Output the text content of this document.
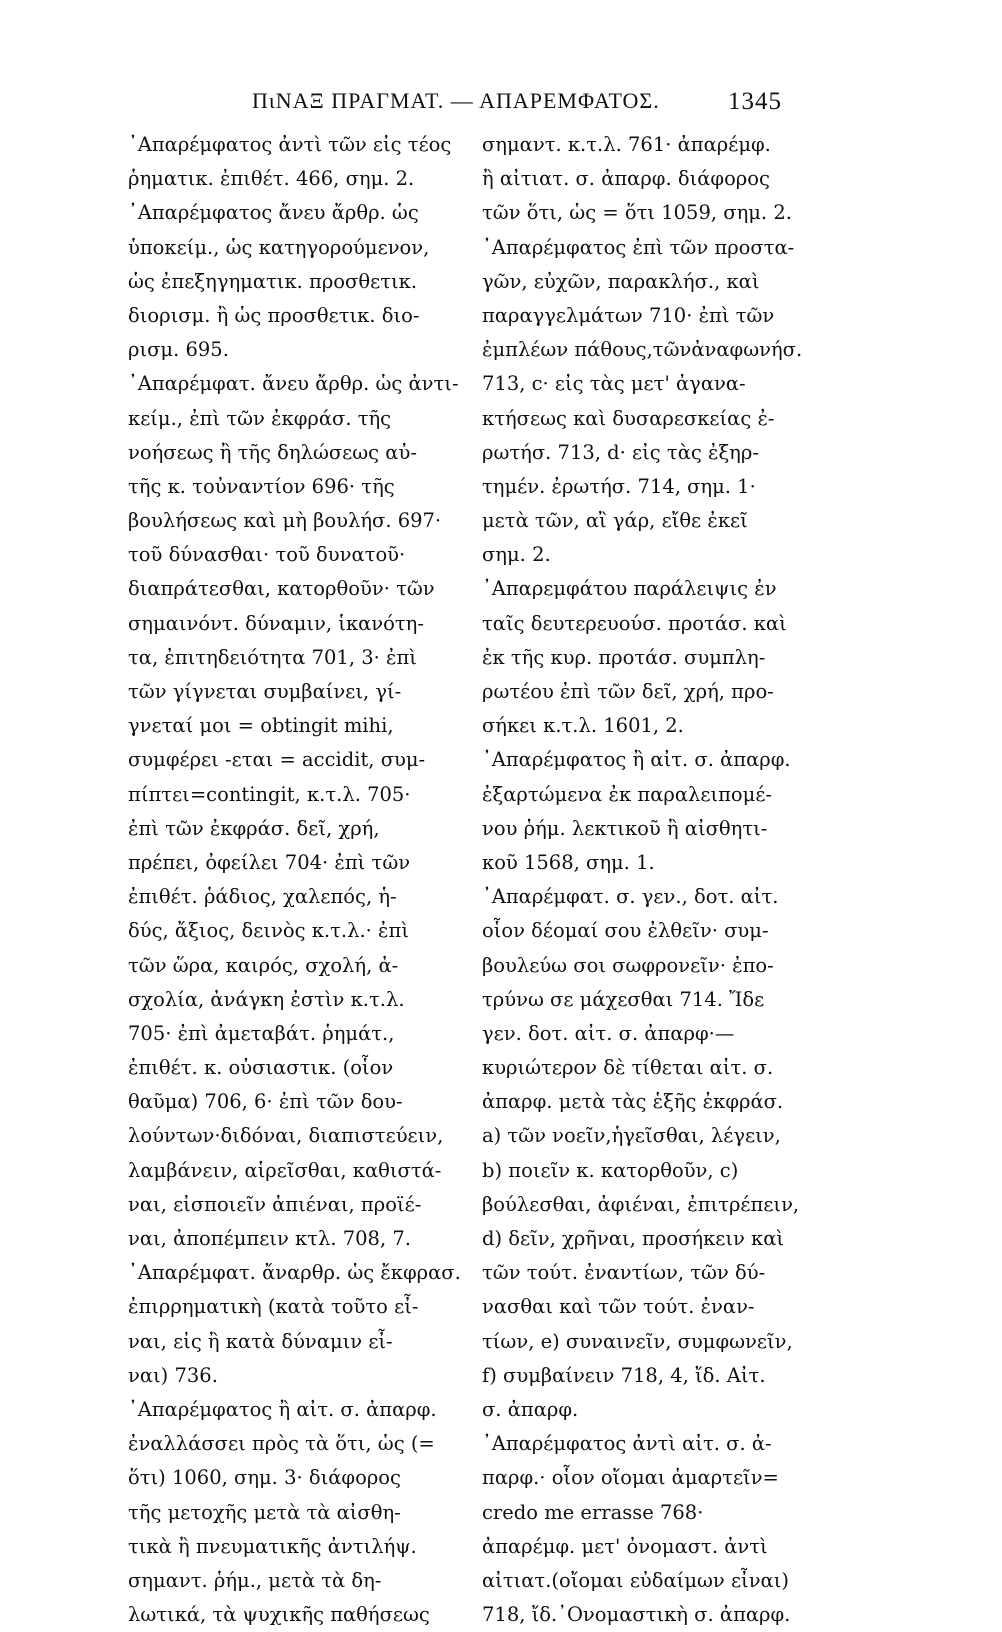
ΠιΝΑΞ ΠΡΑΓΜΑΤ. — ΑΠΑΡΕΜΦΑΤΟΣ.	1345
᾿Απαρέμφατος ἀντὶ τῶν εἰς τέος
ῥηματικ. ἐπιθέτ. 466, σημ. 2.
᾿Απαρέμφατος ἄνευ ἄρθρ. ὡς
ὑποκείμ., ὡς κατηγορούμενον,
ὡς ἐπεξηγηματικ. προσθετικ.
διορισμ. ἢ ὡς προσθετικ. διο-
ρισμ. 695.
᾿Απαρέμφατ. ἄνευ ἄρθρ. ὡς ἀντι-
κείμ., ἐπὶ τῶν ἐκφράσ. τῆς
νοήσεως ἢ τῆς δηλώσεως αὐ-
τῆς κ. τοὐναντίον 696· τῆς
βουλήσεως καὶ μὴ βουλήσ. 697·
τοῦ δύνασθαι· τοῦ δυνατοῦ·
διαπράτεσθαι, κατορθοῦν· τῶν
σημαινόντ. δύναμιν, ἱκανότη-
τα, ἐπιτηδειότητα 701, 3· ἐπὶ
τῶν γίγνεται συμβαίνει, γί-
γνεταί μοι = obtingit mihi,
συμφέρει -εται = accidit, συμ-
πίπτει=contingit, κ.τ.λ. 705·
ἐπὶ τῶν ἐκφράσ. δεῖ, χρή,
πρέπει, ὀφείλει 704· ἐπὶ τῶν
ἐπιθέτ. ῥάδιος, χαλεπός, ἡ-
δύς, ἄξιος, δεινὸς κ.τ.λ.· ἐπὶ
τῶν ὥρα, καιρός, σχολή, ἀ-
σχολία, ἀνάγκη ἐστὶν κ.τ.λ.
705· ἐπὶ ἀμεταβάτ. ῥημάτ.,
ἐπιθέτ. κ. οὐσιαστικ. (οἷον
θαῦμα) 706, 6· ἐπὶ τῶν δου-
λούντων·διδόναι, διαπιστεύειν,
λαμβάνειν, αἱρεῖσθαι, καθιστά-
ναι, εἰσποιεῖν ἀπιέναι, προϊέ-
ναι, ἀποπέμπειν κτλ. 708, 7.
᾿Απαρέμφατ. ἄναρθρ. ὡς ἔκφρασ.
ἐπιρρηματικὴ (κατὰ τοῦτο εἶ-
ναι, εἰς ἢ κατὰ δύναμιν εἶ-
ναι) 736.
᾿Απαρέμφατος ἢ αἰτ. σ. ἀπαρφ.
ἐναλλάσσει πρὸς τὰ ὅτι, ὡς (=
ὅτι) 1060, σημ. 3· διάφορος
τῆς μετοχῆς μετὰ τὰ αἰσθη-
τικὰ ἢ πνευματικῆς ἀντιλήψ.
σημαντ. ῥήμ., μετὰ τὰ δη-
λωτικά, τὰ ψυχικῆς παθήσεως
σημαντ. κ.τ.λ. 761· ἀπαρέμφ.
ἢ αἰτιατ. σ. ἀπαρφ. διάφορος
τῶν ὅτι, ὡς = ὅτι 1059, σημ. 2.
᾿Απαρέμφατος ἐπὶ τῶν προστα-
γῶν, εὐχῶν, παρακλήσ., καὶ
παραγγελμάτων 710· ἐπὶ τῶν
ἐμπλέων πάθους,τῶνἀναφωνήσ.
713, c· εἰς τὰς μετ' ἀγανα-
κτήσεως καὶ δυσαρεσκείας ἐ-
ρωτήσ. 713, d· εἰς τὰς ἐξηρ-
τημέν. ἐρωτήσ. 714, σημ. 1·
μετὰ τῶν, αἲ γάρ, εἴθε ἐκεῖ
σημ. 2.
᾿Απαρεμφάτου παράλειψις ἐν
ταῖς δευτερευούσ. προτάσ. καὶ
ἐκ τῆς κυρ. προτάσ. συμπλη-
ρωτέου ἐπὶ τῶν δεῖ, χρή, προ-
σήκει κ.τ.λ. 1601, 2.
᾿Απαρέμφατος ἢ αἰτ. σ. ἀπαρφ.
ἐξαρτώμενα ἐκ παραλειπομέ-
νου ῥήμ. λεκτικοῦ ἢ αἰσθητι-
κοῦ 1568, σημ. 1.
᾿Απαρέμφατ. σ. γεν., δοτ. αἰτ.
οἷον δέομαί σου ἐλθεῖν· συμ-
βουλεύω σοι σωφρονεῖν· ἐπο-
τρύνω σε μάχεσθαι 714. Ἴδε
γεν. δοτ. αἰτ. σ. ἀπαρφ·—
κυριώτερον δὲ τίθεται αἰτ. σ.
ἀπαρφ. μετὰ τὰς ἑξῆς ἐκφράσ.
a) τῶν νοεῖν,ἡγεῖσθαι, λέγειν,
b) ποιεῖν κ. κατορθοῦν, c)
βούλεσθαι, ἀφιέναι, ἐπιτρέπειν,
d) δεῖν, χρῆναι, προσήκειν καὶ
τῶν τούτ. ἐναντίων, τῶν δύ-
νασθαι καὶ τῶν τούτ. ἐναν-
τίων, e) συναινεῖν, συμφωνεῖν,
f) συμβαίνειν 718, 4, ἴδ. Αἰτ.
σ. ἀπαρφ.
᾿Απαρέμφατος ἀντὶ αἰτ. σ. ἀ-
παρφ.· οἷον οἴομαι ἁμαρτεῖν=
credo me errasse 768·
ἀπαρέμφ. μετ' ὀνομαστ. ἀντὶ
αἰτιατ.(οἴομαι εὐδαίμων εἶναι)
718, ἴδ.᾿Ονομαστικὴ σ. ἀπαρφ.
